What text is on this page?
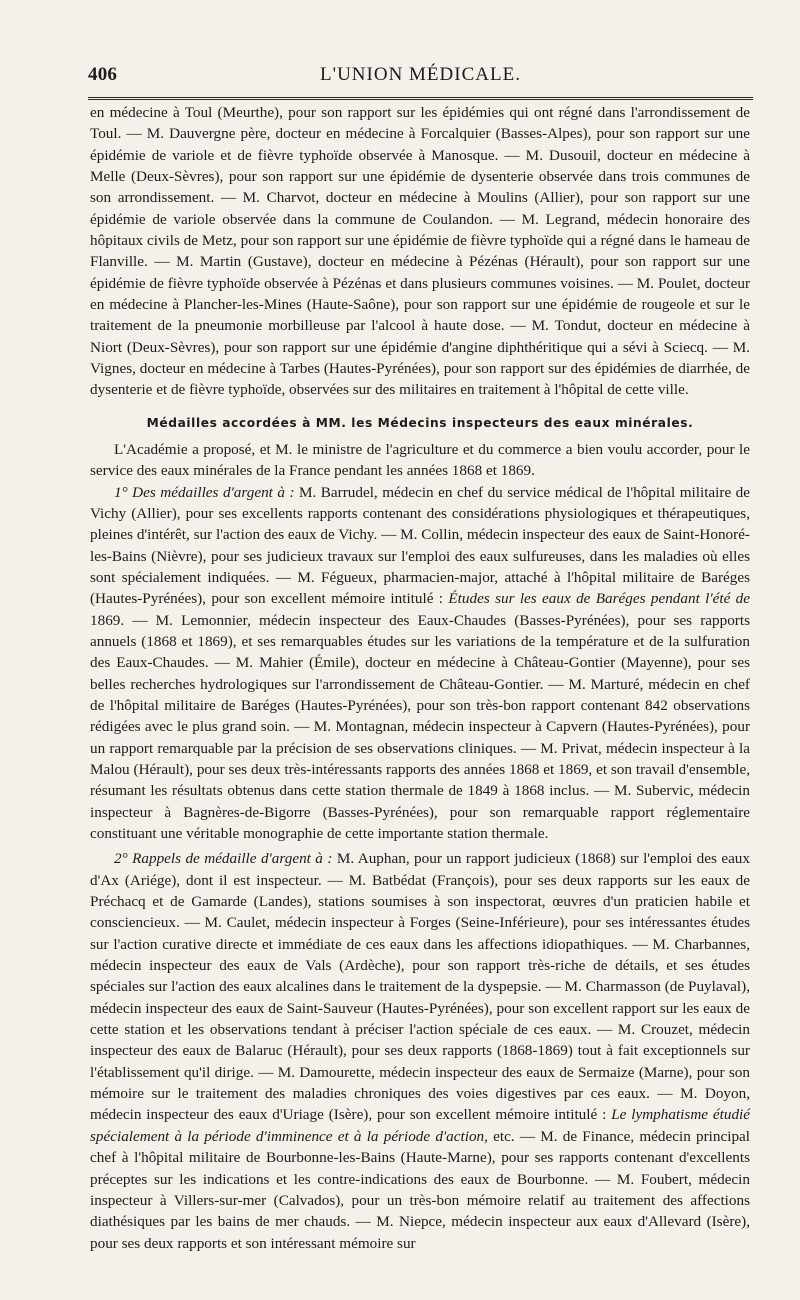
406	L'UNION MÉDICALE.

en médecine à Toul (Meurthe), pour son rapport sur les épidémies qui ont régné dans l'arrondissement de Toul. — M. Dauvergne père, docteur en médecine à Forcalquier (Basses-Alpes), pour son rapport sur une épidémie de variole et de fièvre typhoïde observée à Manosque. — M. Dusouil, docteur en médecine à Melle (Deux-Sèvres), pour son rapport sur une épidémie de dysenterie observée dans trois communes de son arrondissement. — M. Charvot, docteur en médecine à Moulins (Allier), pour son rapport sur une épidémie de variole observée dans la commune de Coulandon. — M. Legrand, médecin honoraire des hôpitaux civils de Metz, pour son rapport sur une épidémie de fièvre typhoïde qui a régné dans le hameau de Flanville. — M. Martin (Gustave), docteur en médecine à Pézénas (Hérault), pour son rapport sur une épidémie de fièvre typhoïde observée à Pézénas et dans plusieurs communes voisines. — M. Poulet, docteur en médecine à Plancher-les-Mines (Haute-Saône), pour son rapport sur une épidémie de rougeole et sur le traitement de la pneumonie morbilleuse par l'alcool à haute dose. — M. Tondut, docteur en médecine à Niort (Deux-Sèvres), pour son rapport sur une épidémie d'angine diphthéritique qui a sévi à Sciecq. — M. Vignes, docteur en médecine à Tarbes (Hautes-Pyrénées), pour son rapport sur des épidémies de diarrhée, de dysenterie et de fièvre typhoïde, observées sur des militaires en traitement à l'hôpital de cette ville.

Médailles accordées à MM. les Médecins inspecteurs des eaux minérales.

L'Académie a proposé, et M. le ministre de l'agriculture et du commerce a bien voulu accorder, pour le service des eaux minérales de la France pendant les années 1868 et 1869.

1° Des médailles d'argent à : M. Barrudel, médecin en chef du service médical de l'hôpital militaire de Vichy (Allier), pour ses excellents rapports contenant des considérations physiologiques et thérapeutiques, pleines d'intérêt, sur l'action des eaux de Vichy. — M. Collin, médecin inspecteur des eaux de Saint-Honoré-les-Bains (Nièvre), pour ses judicieux travaux sur l'emploi des eaux sulfureuses, dans les maladies où elles sont spécialement indiquées. — M. Fégueux, pharmacien-major, attaché à l'hôpital militaire de Baréges (Hautes-Pyrénées), pour son excellent mémoire intitulé : Études sur les eaux de Baréges pendant l'été de 1869. — M. Lemonnier, médecin inspecteur des Eaux-Chaudes (Basses-Pyrénées), pour ses rapports annuels (1868 et 1869), et ses remarquables études sur les variations de la température et de la sulfuration des Eaux-Chaudes. — M. Mahier (Émile), docteur en médecine à Château-Gontier (Mayenne), pour ses belles recherches hydrologiques sur l'arrondissement de Château-Gontier. — M. Marturé, médecin en chef de l'hôpital militaire de Baréges (Hautes-Pyrénées), pour son très-bon rapport contenant 842 observations rédigées avec le plus grand soin. — M. Montagnan, médecin inspecteur à Capvern (Hautes-Pyrénées), pour un rapport remarquable par la précision de ses observations cliniques. — M. Privat, médecin inspecteur à la Malou (Hérault), pour ses deux très-intéressants rapports des années 1868 et 1869, et son travail d'ensemble, résumant les résultats obtenus dans cette station thermale de 1849 à 1868 inclus. — M. Subervic, médecin inspecteur à Bagnères-de-Bigorre (Basses-Pyrénées), pour son remarquable rapport réglementaire constituant une véritable monographie de cette importante station thermale.

2° Rappels de médaille d'argent à : M. Auphan, pour un rapport judicieux (1868) sur l'emploi des eaux d'Ax (Ariége), dont il est inspecteur. — M. Batbédat (François), pour ses deux rapports sur les eaux de Préchacq et de Gamarde (Landes), stations soumises à son inspectorat, œuvres d'un praticien habile et consciencieux. — M. Caulet, médecin inspecteur à Forges (Seine-Inférieure), pour ses intéressantes études sur l'action curative directe et immédiate de ces eaux dans les affections idiopathiques. — M. Charbannes, médecin inspecteur des eaux de Vals (Ardèche), pour son rapport très-riche de détails, et ses études spéciales sur l'action des eaux alcalines dans le traitement de la dyspepsie. — M. Charmasson (de Puylaval), médecin inspecteur des eaux de Saint-Sauveur (Hautes-Pyrénées), pour son excellent rapport sur les eaux de cette station et les observations tendant à préciser l'action spéciale de ces eaux. — M. Crouzet, médecin inspecteur des eaux de Balaruc (Hérault), pour ses deux rapports (1868-1869) tout à fait exceptionnels sur l'établissement qu'il dirige. — M. Damourette, médecin inspecteur des eaux de Sermaize (Marne), pour son mémoire sur le traitement des maladies chroniques des voies digestives par ces eaux. — M. Doyon, médecin inspecteur des eaux d'Uriage (Isère), pour son excellent mémoire intitulé : Le lymphatisme étudié spécialement à la période d'imminence et à la période d'action, etc. — M. de Finance, médecin principal chef à l'hôpital militaire de Bourbonne-les-Bains (Haute-Marne), pour ses rapports contenant d'excellents préceptes sur les indications et les contre-indications des eaux de Bourbonne. — M. Foubert, médecin inspecteur à Villers-sur-mer (Calvados), pour un très-bon mémoire relatif au traitement des affections diathésiques par les bains de mer chauds. — M. Niepce, médecin inspecteur aux eaux d'Allevard (Isère), pour ses deux rapports et son intéressant mémoire sur
